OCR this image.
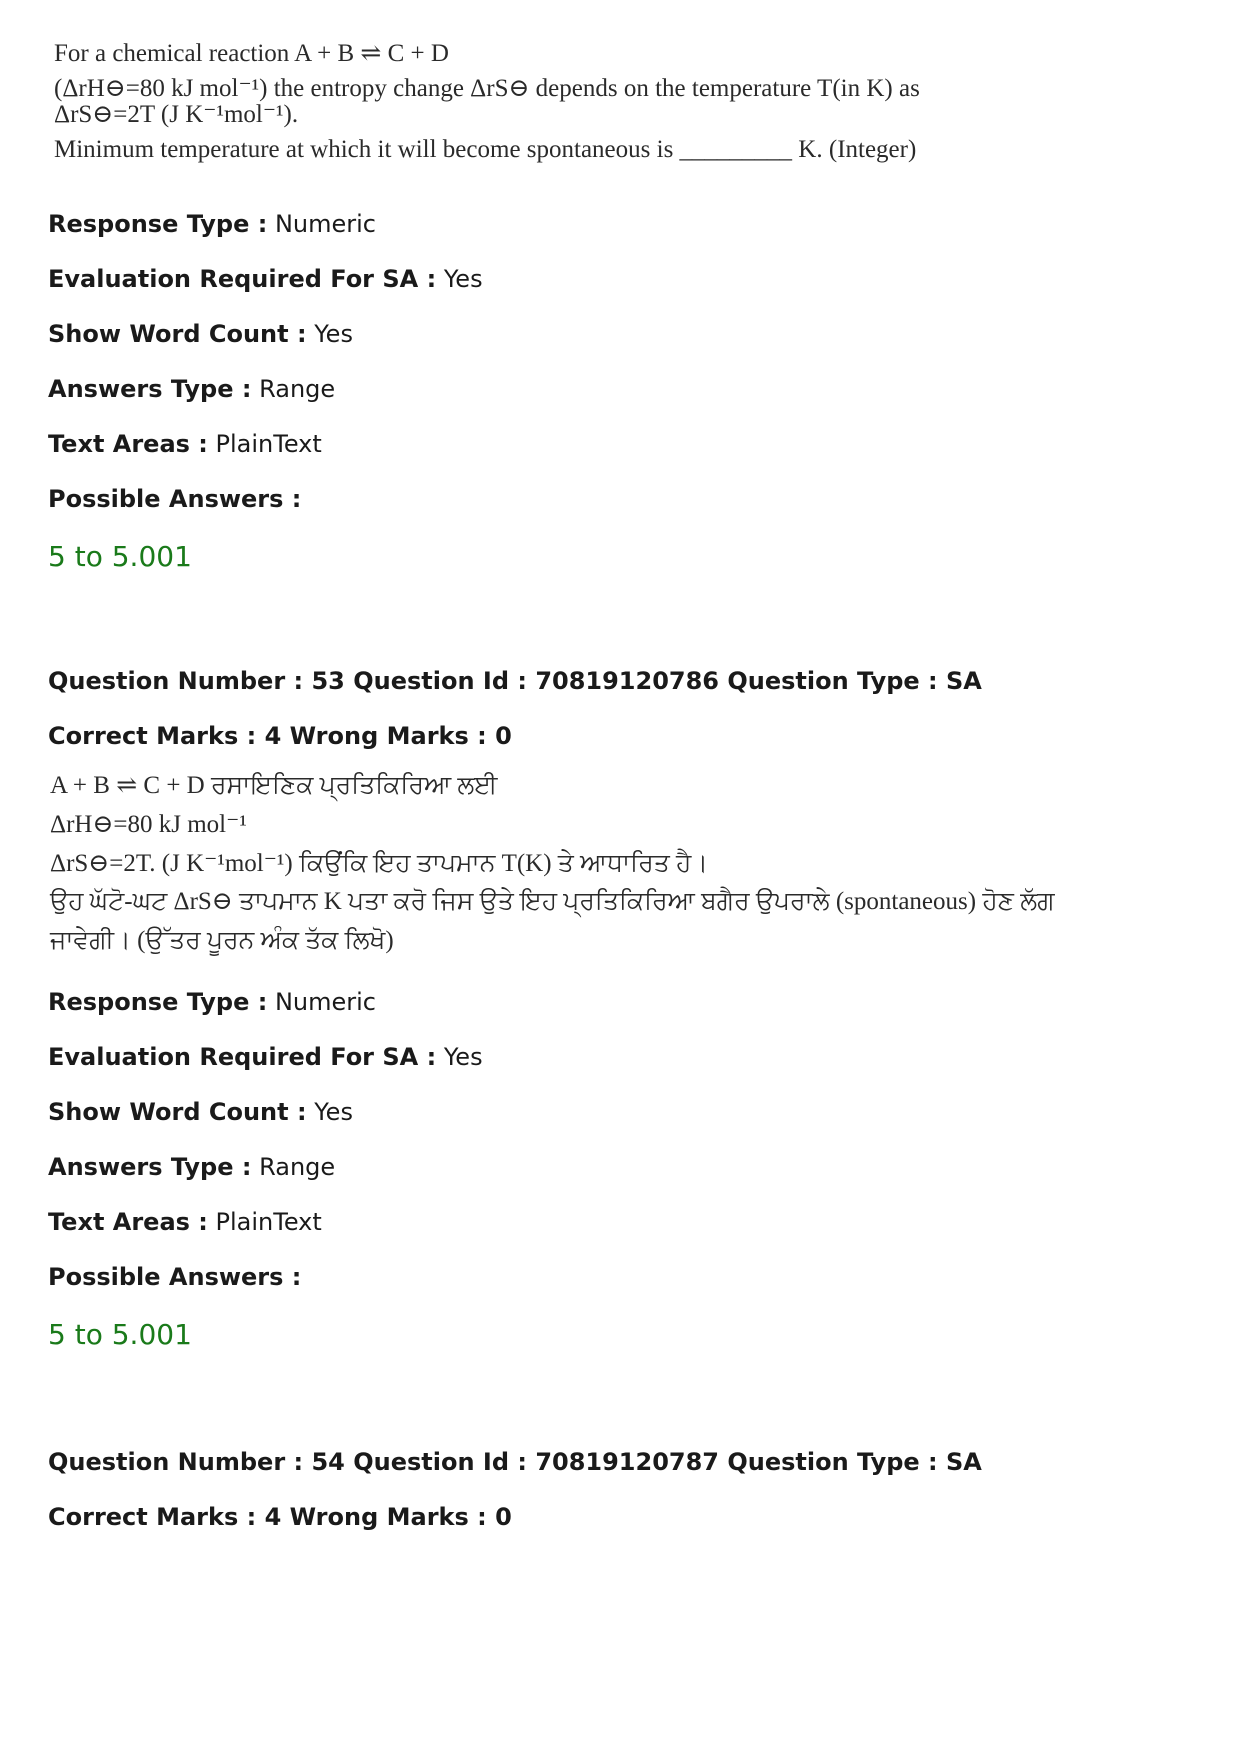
For a chemical reaction A + B ⇌ C + D
(ΔrH⊖=80 kJ mol⁻¹) the entropy change ΔrS⊖ depends on the temperature T(in K) as
ΔrS⊖=2T (J K⁻¹mol⁻¹).
Minimum temperature at which it will become spontaneous is _________ K. (Integer)
Response Type : Numeric
Evaluation Required For SA : Yes
Show Word Count : Yes
Answers Type : Range
Text Areas : PlainText
Possible Answers :
5 to 5.001
Question Number : 53 Question Id : 70819120786 Question Type : SA
Correct Marks : 4 Wrong Marks : 0
A + B ⇌ C + D ਰਸਾਇਣਿਕ ਪ੍ਰਤਿਕਿਰਿਆ ਲਈ
ΔrH⊖=80 kJ mol⁻¹
ΔrS⊖=2T. (J K⁻¹mol⁻¹) ਕਿਉਂਕਿ ਇਹ ਤਾਪਮਾਨ T(K) ਤੇ ਆਧਾਰਿਤ ਹੈ।
ਉਹ ਘੱਟੋ-ਘਟ ΔrS⊖ ਤਾਪਮਾਨ K ਪਤਾ ਕਰੋ ਜਿਸ ਉਤੇ ਇਹ ਪ੍ਰਤਿਕਿਰਿਆ ਬਗੈਰ ਉਪਰਾਲੇ (spontaneous) ਹੋਣ ਲੱਗ
ਜਾਵੇਗੀ। (ਉੱਤਰ ਪੂਰਨ ਅੰਕ ਤੱਕ ਲਿਖੋ)
Response Type : Numeric
Evaluation Required For SA : Yes
Show Word Count : Yes
Answers Type : Range
Text Areas : PlainText
Possible Answers :
5 to 5.001
Question Number : 54 Question Id : 70819120787 Question Type : SA
Correct Marks : 4 Wrong Marks : 0
